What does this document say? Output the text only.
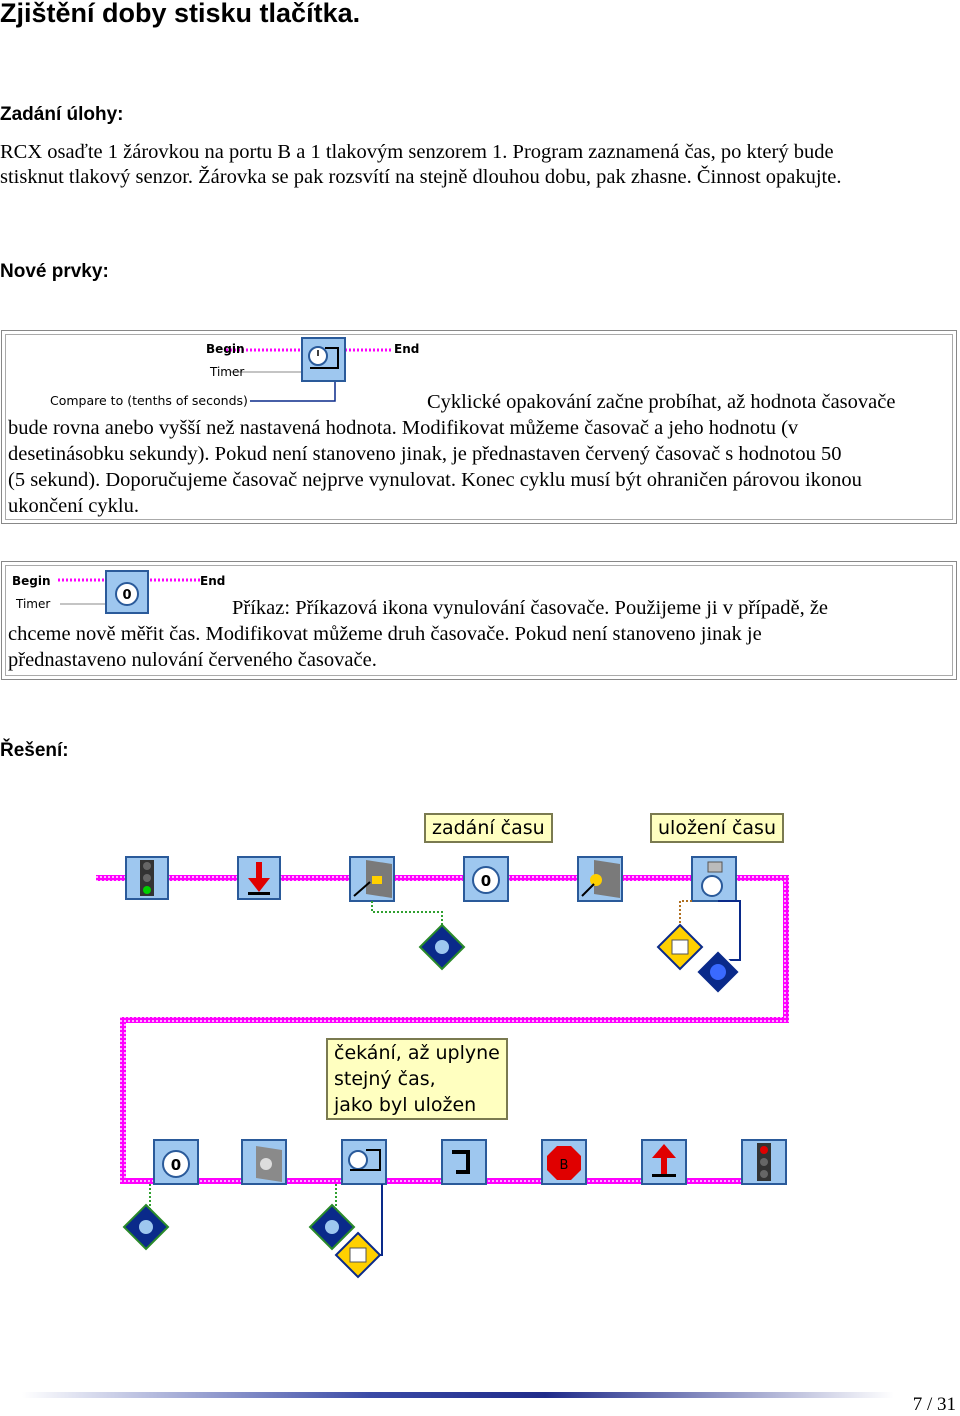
Zjištění doby stisku tlačítka.

Zadání úlohy:

RCX osaďte 1 žárovkou na portu B a 1 tlakovým senzorem 1. Program zaznamená čas, po který bude
stisknut tlakový senzor. Žárovka se pak rozsvítí na stejně dlouhou dobu, pak zhasne. Činnost opakujte.

Nové prvky:

Begin	End
Timer
Compare to (tenths of seconds)	Cyklické opakování začne probíhat, až hodnota časovače
bude rovna anebo vyšší než nastavená hodnota. Modifikovat můžeme časovač a jeho hodnotu (v
desetinásobku sekundy). Pokud není stanoveno jinak, je přednastaven červený časovač s hodnotou 50
(5 sekund). Doporučujeme časovač nejprve vynulovat. Konec cyklu musí být ohraničen párovou ikonou
ukončení cyklu.
0
Begin	End
Timer	Příkaz: Příkazová ikona vynulování časovače. Použijeme ji v případě, že
chceme nově měřit čas. Modifikovat můžeme druh časovače. Pokud není stanoveno jinak je
přednastaveno nulování červeného časovače.

Řešení:

0
0	B
zadání času	uložení času
čekání, až uplyne
stejný čas,
jako byl uložen
7 / 31
